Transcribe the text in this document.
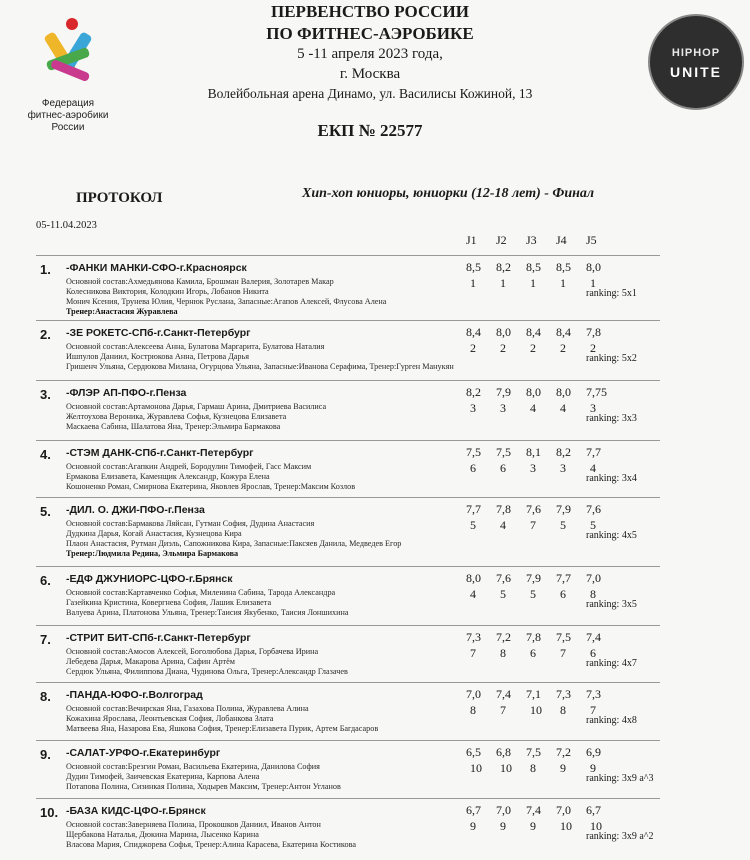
Федерация
фитнес-аэробики
России
ПЕРВЕНСТВО РОССИИ
ПО ФИТНЕС-АЭРОБИКЕ
5 -11 апреля 2023 года,
г. Москва
Волейбольная арена Динамо, ул. Василисы Кожиной, 13
ЕКП № 22577
HIPHOP
UNITE
ПРОТОКОЛ	Хип-хоп юниоры, юниорки (12-18 лет) - Финал
05-11.04.2023
J1	J2	J3	J4	J5
1. -ФАНКИ МАНКИ-СФО-г.Красноярск
Основной состав:Ахмедьянова Камила, Брошман Валерия, Золотарев Макар
Колесникова Виктория, Колодкин Игорь, Лобанов Никита
Монич Ксения, Трунева Юлия, Чернюк Руслана, Запасные:Агапов Алексей, Флусова Алена
Тренер:Анастасия Журавлева
8,5	8,2	8,5	8,5	8,0
1	1	1	1	1
ranking: 5x1
2. -ЗЕ РОКЕТС-СПб-г.Санкт-Петербург
Основной состав:Алексеева Анна, Булатова Маргарита, Булатова Наталия
Ишпулов Даниил, Кострюкова Анна, Петрова Дарья
Гришенч Ульяна, Сердюкова Милана, Огурцова Ульяна, Запасные:Иванова Серафима, Тренер:Гурген Манукян
8,4	8,0	8,4	8,4	7,8
2	2	2	2	2
ranking: 5x2
3. -ФЛЭР АП-ПФО-г.Пенза
Основной состав:Артамонова Дарья, Гармаш Арина, Дмитриева Василиса
Желтоухова Вероника, Журавлева Софья, Кузнецова Елизавета
Маскаева Сабина, Шалатова Яна, Тренер:Эльмира Бармакова
8,2	7,9	8,0	8,0	7,75
3	3	4	4	3
ranking: 3x3
4. -СТЭМ ДАНК-СПб-г.Санкт-Петербург
Основной состав:Агапкин Андрей, Бородулин Тимофей, Гасс Максим
Ермакова Елизавета, Каменщик Александр, Кожура Елена
Кошоненко Роман, Смирнова Екатерина, Яковлев Ярослав, Тренер:Максим Козлов
7,5	7,5	8,1	8,2	7,7
6	6	3	3	4
ranking: 3x4
5. -ДИЛ. О. ДЖИ-ПФО-г.Пенза
Основной состав:Бармакова Ляйсан, Гутман София, Дудина Анастасия
Дудкина Дарья, Когай Анастасия, Кузнецова Кира
Плаон Анастасия, Рутман Диэль, Сапожникова Кира, Запасные:Паксяев Данила, Медведев Егор
Тренер:Людмила Редина, Эльмира Бармакова
7,7	7,8	7,6	7,9	7,6
5	4	7	5	5
ranking: 4x5
6. -ЕДФ ДЖУНИОРС-ЦФО-г.Брянск
Основной состав:Картавченко Софья, Миленина Сабина, Тарода Александра
Газейкина Кристина, Ковергнева София, Лашик Елизавета
Валуева Арина, Платонова Ульяна, Тренер:Таисия Якубенко, Таисия Лоншихина
8,0	7,6	7,9	7,7	7,0
4	5	5	6	8
ranking: 3x5
7. -СТРИТ БИТ-СПб-г.Санкт-Петербург
Основной состав:Амосов Алексей, Боголюбова Дарья, Горбачева Ирина
Лебедева Дарья, Макарова Арина, Сафин Артём
Сердюк Ульяна, Филиппова Диана, Чудинова Ольга, Тренер:Александр Глазачев
7,3	7,2	7,8	7,5	7,4
7	8	6	7	6
ranking: 4x7
8. -ПАНДА-ЮФО-г.Волгоград
Основной состав:Вечирская Яна, Газахова Полина, Журавлева Алина
Кожахина Ярослава, Леонтьевская София, Лобанкова Злата
Матвеева Яна, Назарова Ева, Яшкова София, Тренер:Елизавета Пурик, Артем Багдасаров
7,0	7,4	7,1	7,3	7,3
8	7	10	8	7
ranking: 4x8
9. -САЛАТ-УРФО-г.Екатеринбург
Основной состав:Брезгин Роман, Васильева Екатерина, Данилова София
Дудин Тимофей, Заичевская Екатерина, Карпова Алена
Потапова Полина, Сизинкая Полина, Ходырев Максим, Тренер:Антон Угланов
6,5	6,8	7,5	7,2	6,9
10	10	8	9	9
ranking: 3x9 a^3
10. -БАЗА КИДС-ЦФО-г.Брянск
Основной состав:Заверняева Полина, Прокошков Даниил, Иванов Антон
Щербакова Наталья, Дюкина Марина, Лысенко Карина
Власова Мария, Спиджорева Софья, Тренер:Алина Карасева, Екатерина Костикова
6,7	7,0	7,4	7,0	6,7
9	9	9	10	10
ranking: 3x9 a^2
